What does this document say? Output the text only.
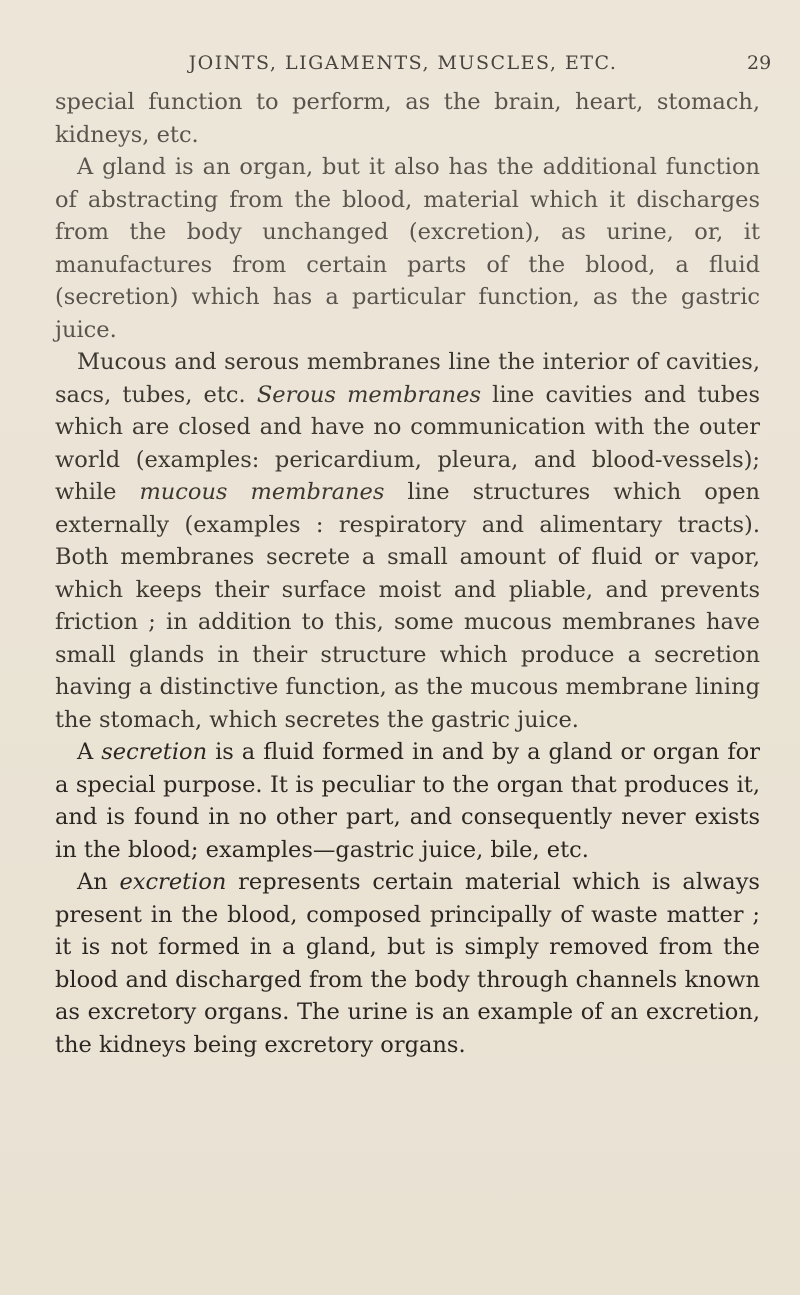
JOINTS, LIGAMENTS, MUSCLES, ETC.	29

special function to perform, as the brain, heart, stomach, kidneys, etc.

A gland is an organ, but it also has the additional function of abstracting from the blood, material which it discharges from the body unchanged (excretion), as urine, or, it manufactures from certain parts of the blood, a fluid (secretion) which has a particular function, as the gastric juice.

Mucous and serous membranes line the interior of cavities, sacs, tubes, etc. Serous membranes line cavities and tubes which are closed and have no communication with the outer world (examples: pericardium, pleura, and blood-vessels); while mucous membranes line structures which open externally (examples : respiratory and alimentary tracts). Both membranes secrete a small amount of fluid or vapor, which keeps their surface moist and pliable, and prevents friction ; in addition to this, some mucous membranes have small glands in their structure which produce a secretion having a distinctive function, as the mucous membrane lining the stomach, which secretes the gastric juice.

A secretion is a fluid formed in and by a gland or organ for a special purpose. It is peculiar to the organ that produces it, and is found in no other part, and consequently never exists in the blood; examples—gastric juice, bile, etc.

An excretion represents certain material which is always present in the blood, composed principally of waste matter ; it is not formed in a gland, but is simply removed from the blood and discharged from the body through channels known as excretory organs. The urine is an example of an excretion, the kidneys being excretory organs.
